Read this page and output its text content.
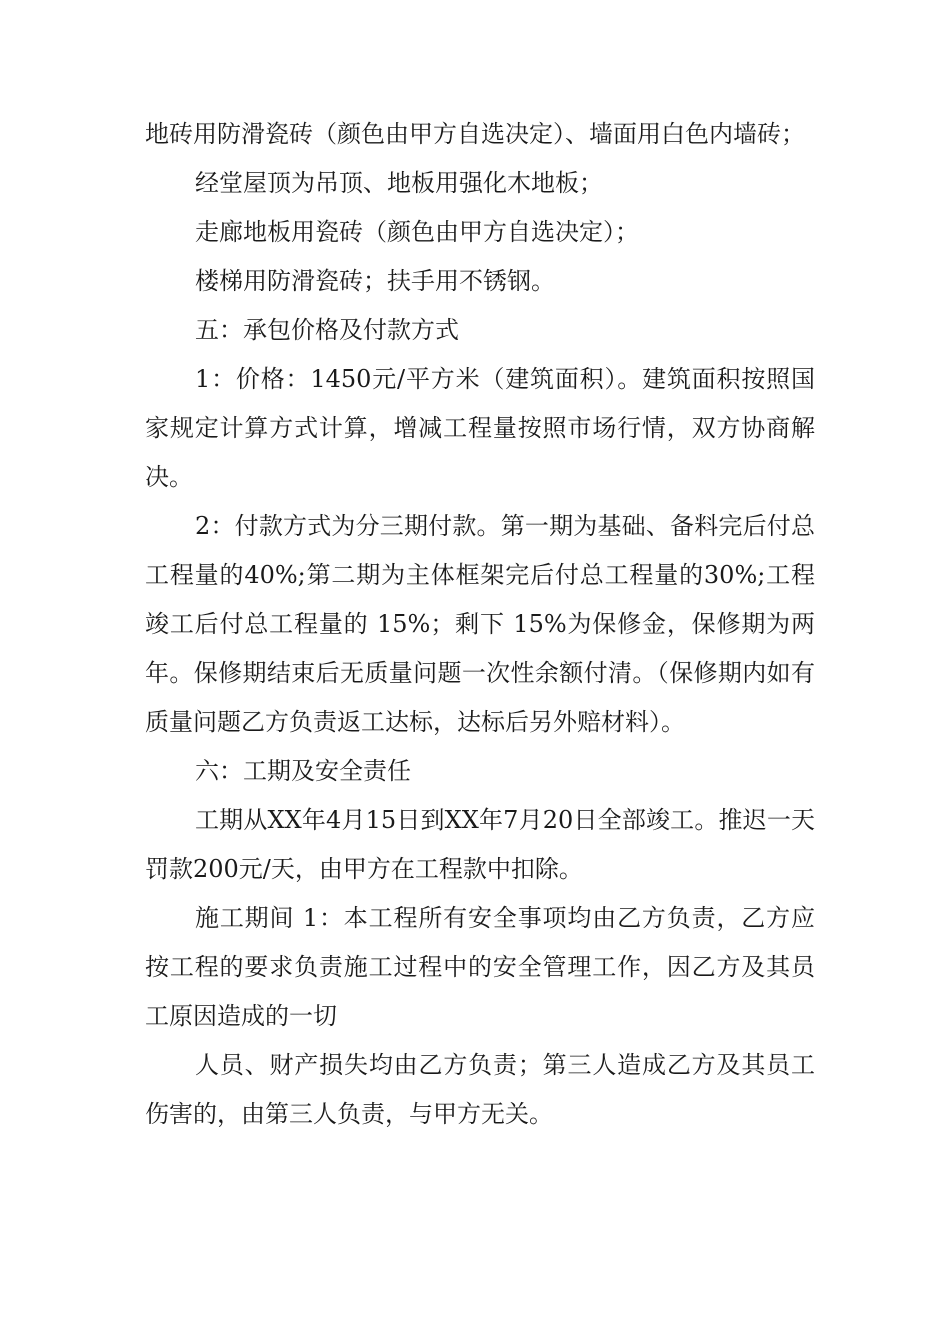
地砖用防滑瓷砖（颜色由甲方自选决定）、墙面用白色内墙砖；

经堂屋顶为吊顶、地板用强化木地板；

走廊地板用瓷砖（颜色由甲方自选决定）；

楼梯用防滑瓷砖；扶手用不锈钢。

五：承包价格及付款方式

1：价格：1450元/平方米（建筑面积）。建筑面积按照国家规定计算方式计算，增减工程量按照市场行情，双方协商解决。

2：付款方式为分三期付款。第一期为基础、备料完后付总工程量的40%;第二期为主体框架完后付总工程量的30%;工程竣工后付总工程量的 15%；剩下 15%为保修金，保修期为两年。保修期结束后无质量问题一次性余额付清。（保修期内如有质量问题乙方负责返工达标，达标后另外赔材料）。

六：工期及安全责任

工期从XX年4月15日到XX年7月20日全部竣工。推迟一天罚款200元/天，由甲方在工程款中扣除。

施工期间 1：本工程所有安全事项均由乙方负责，乙方应按工程的要求负责施工过程中的安全管理工作，因乙方及其员工原因造成的一切

人员、财产损失均由乙方负责；第三人造成乙方及其员工伤害的，由第三人负责，与甲方无关。
